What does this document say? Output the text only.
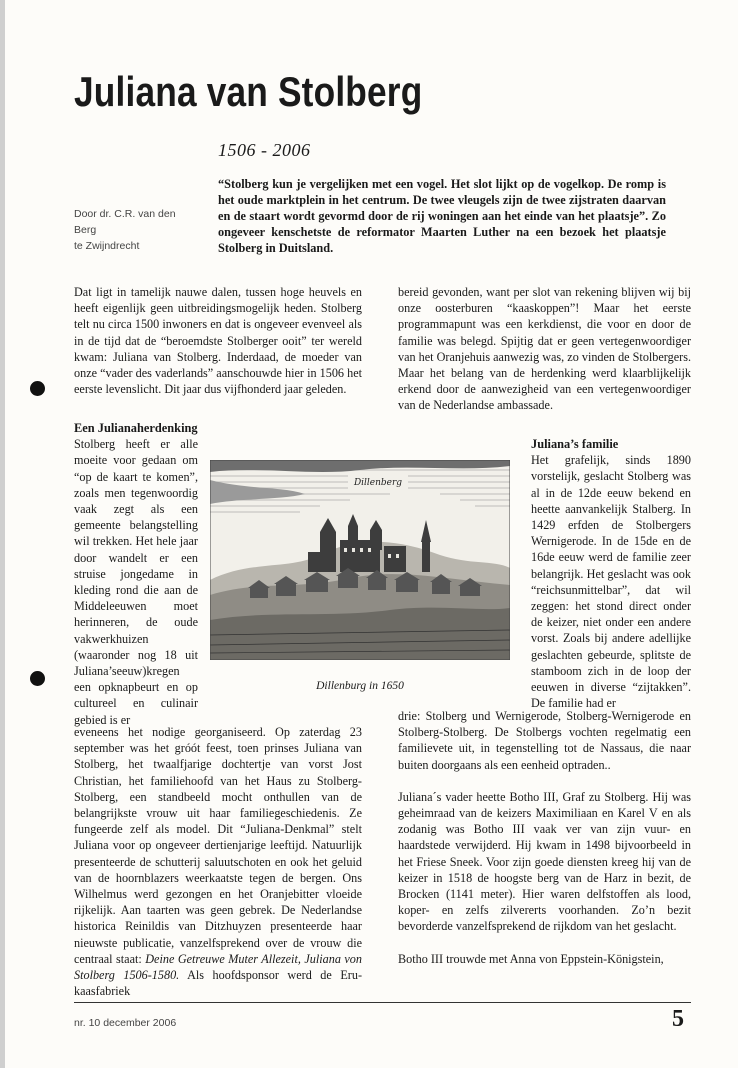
Juliana van Stolberg
1506 - 2006
Door dr. C.R. van den
Berg
te Zwijndrecht
“Stolberg kun je vergelijken met een vogel. Het slot lijkt op de vogelkop. De romp is het oude marktplein in het centrum. De twee vleugels zijn de twee zijstraten daarvan en de staart wordt gevormd door de rij woningen aan het einde van het plaatsje”. Zo ongeveer kenschetste de reformator Maarten Luther na een bezoek het plaatsje Stolberg in Duitsland.

Dat ligt in tamelijk nauwe dalen, tussen hoge heuvels en heeft eigenlijk geen uitbreidingsmogelijk heden. Stolberg telt nu circa 1500 inwoners en dat is ongeveer evenveel als in de tijd dat de “beroemdste Stolberger ooit” ter wereld kwam: Juliana van Stolberg. Inderdaad, de moeder van onze “vader des vaderlands” aanschouwde hier in 1506 het eerste levenslicht. Dit jaar dus vijfhonderd jaar geleden.

Een Julianaherdenking

Stolberg heeft er alle moeite voor gedaan om “op de kaart te komen”, zoals men tegenwoordig vaak zegt als een gemeente belangstelling wil trekken. Het hele jaar door wandelt er een struise jongedame in kleding rond die aan de Middeleeuwen moet herinneren, de oude vakwerkhuizen (waaronder nog 18 uit Juliana’seeuw)kregen een opknapbeurt en op cultureel en culinair gebied is er

eveneens het nodige georganiseerd. Op zaterdag 23 september was het gróót feest, toen prinses Juliana van Stolberg, het twaalfjarige dochtertje van vorst Jost Christian, het familiehoofd van het Haus zu Stolberg-Stolberg, een standbeeld mocht onthullen van de belangrijkste vrouw uit haar familiegeschiedenis. Ze fungeerde zelf als model. Dit “Juliana-Denkmal” stelt Juliana voor op ongeveer dertienjarige leeftijd. Natuurlijk presenteerde de schutterij saluutschoten en ook het geluid van de hoornblazers weerkaatste tegen de bergen. Ons Wilhelmus werd gezongen en het Oranjebitter vloeide rijkelijk. Aan taarten was geen gebrek. De Nederlandse historica Reinildis van Ditzhuyzen presenteerde haar nieuwste publicatie, vanzelfsprekend over de vrouw die centraal staat: Deine Getreuwe Muter Allezeit, Juliana von Stolberg 1506-1580. Als hoofdsponsor werd de Eru-kaasfabriek

bereid gevonden, want per slot van rekening blijven wij bij onze oosterburen “kaaskoppen”! Maar het eerste programmapunt was een kerkdienst, die voor en door de familie was belegd. Spijtig dat er geen vertegenwoordiger van het Oranjehuis aanwezig was, zo vinden de Stolbergers. Maar het belang van de herdenking werd klaarblijkelijk erkend door de aanwezigheid van een vertegenwoordiger van de Nederlandse ambassade.

Juliana’s familie

Het grafelijk, sinds 1890 vorstelijk, geslacht Stolberg was al in de 12de eeuw bekend en heette aanvankelijk Stalberg. In 1429 erfden de Stolbergers Wernigerode. In de 15de en de 16de eeuw werd de familie zeer belangrijk. Het geslacht was ook “reichsunmittelbar”, dat wil zeggen: het stond direct onder de keizer, niet onder een andere vorst. Zoals bij andere adellijke geslachten gebeurde, splitste de stamboom zich in de loop der eeuwen in diverse “zijtakken”. De familie had er

drie: Stolberg und Wernigerode, Stolberg-Wernigerode en Stolberg-Stolberg. De Stolbergs vochten regelmatig een familievete uit, in tegenstelling tot de Nassaus, die naar buiten doorgaans als een eenheid optraden..

Juliana´s vader heette Botho III, Graf zu Stolberg. Hij was geheimraad van de keizers Maximiliaan en Karel V en als zodanig was Botho III vaak ver van zijn vuur- en haardstede verwijderd. Hij kwam in 1498 bijvoorbeeld in het Friese Sneek. Voor zijn goede diensten kreeg hij van de keizer in 1518 de hoogste berg van de Harz in bezit, de Brocken (1141 meter). Hier waren delfstoffen als lood, koper- en zelfs zilvererts voorhanden. Zo’n bezit bevorderde vanzelfsprekend de rijkdom van het geslacht.

Botho III trouwde met Anna von Eppstein-Königstein,

Dillenberg
Dillenburg in 1650
nr. 10 december 2006	5
